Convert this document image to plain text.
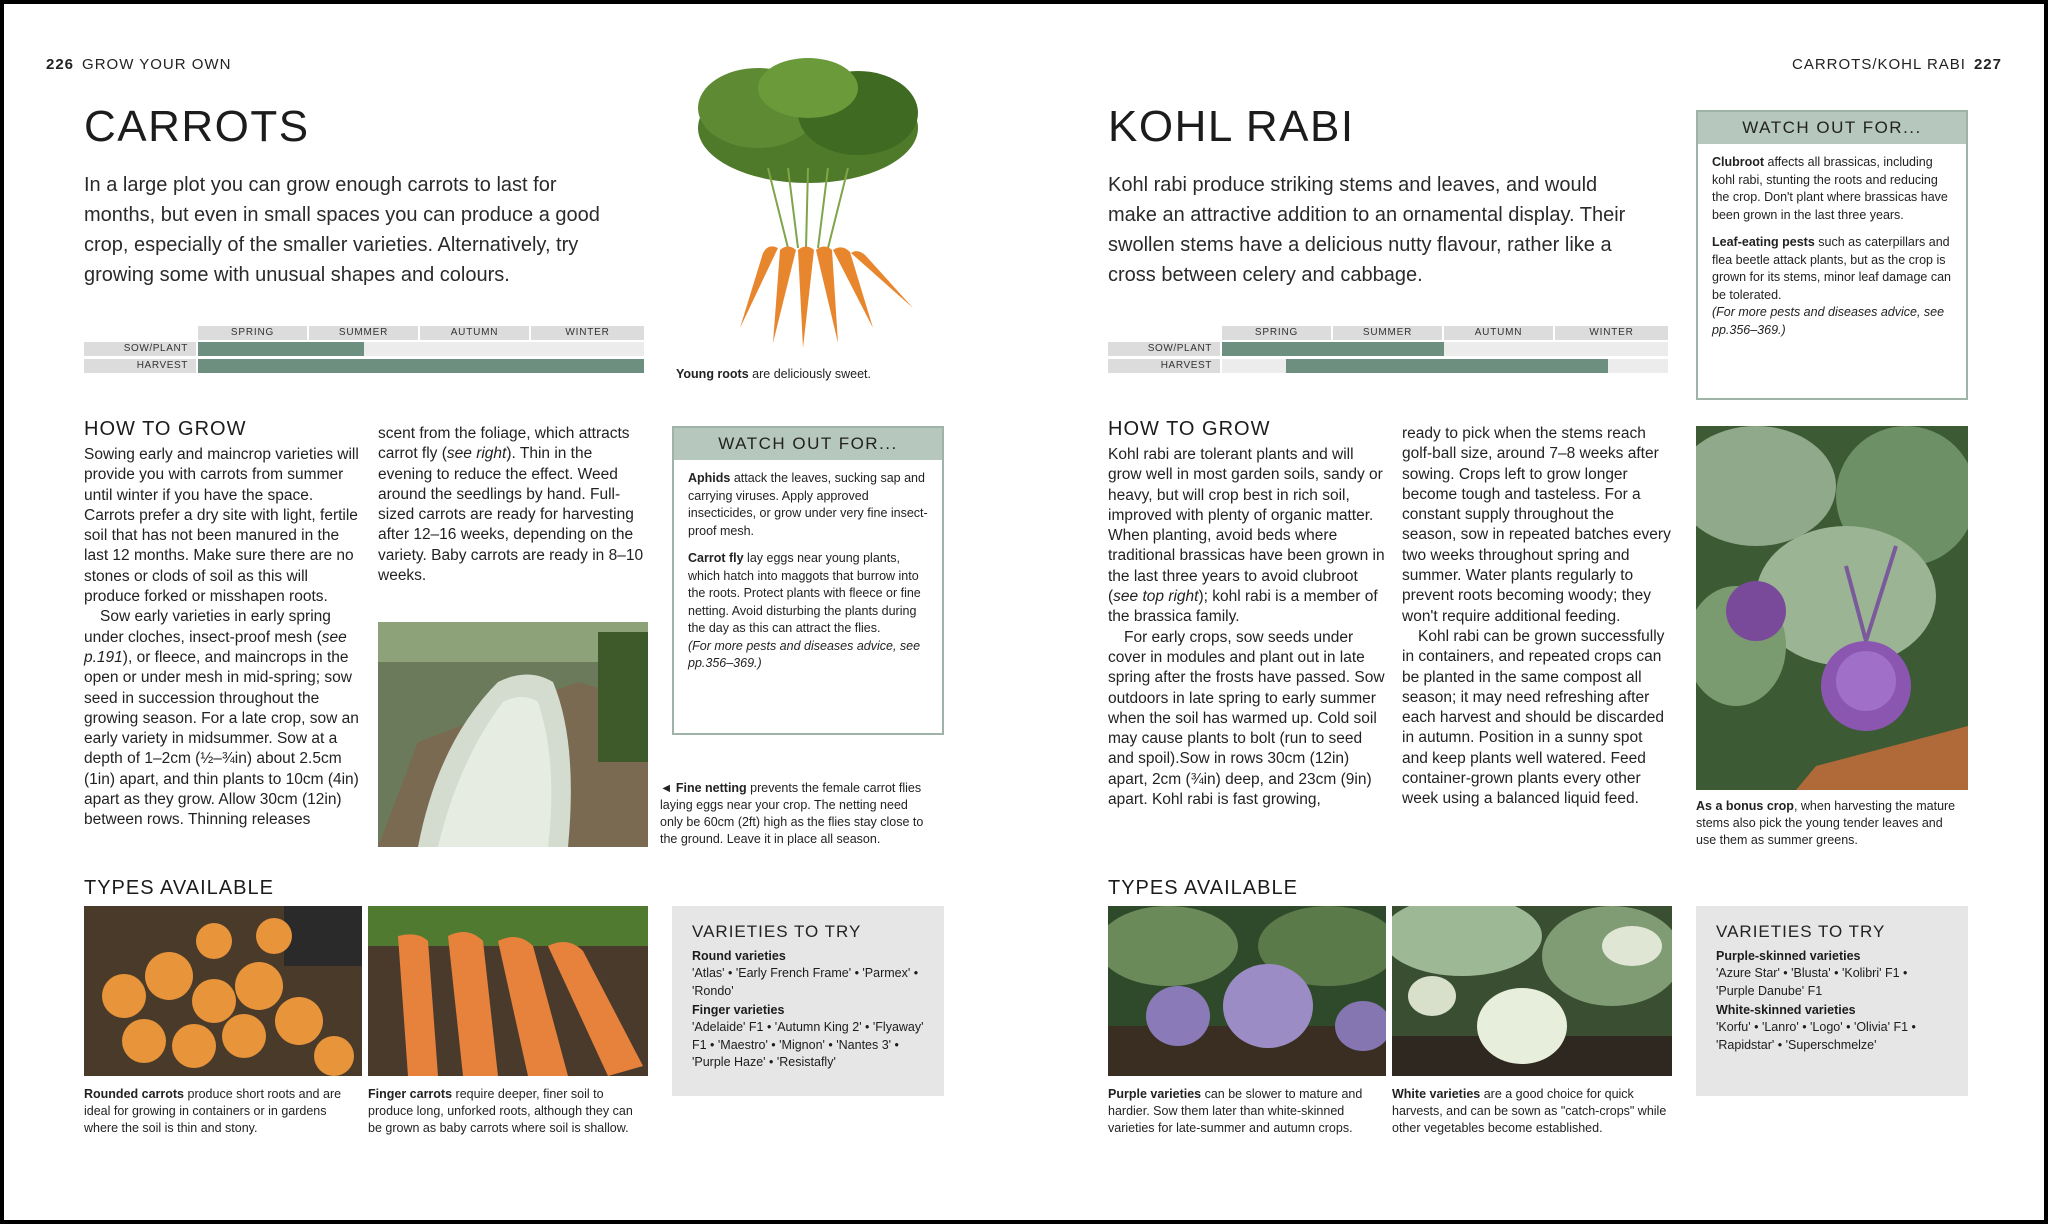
226 GROW YOUR OWN
CARROTS
In a large plot you can grow enough carrots to last for months, but even in small spaces you can produce a good crop, especially of the smaller varieties. Alternatively, try growing some with unusual shapes and colours.
SPRING	SUMMER	AUTUMN	WINTER
SOW/PLANT
HARVEST
Young roots are deliciously sweet.
HOW TO GROW

Sowing early and maincrop varieties will provide you with carrots from summer until winter if you have the space. Carrots prefer a dry site with light, fertile soil that has not been manured in the last 12 months. Make sure there are no stones or clods of soil as this will produce forked or misshapen roots.

Sow early varieties in early spring under cloches, insect-proof mesh (see p.191), or fleece, and maincrops in the open or under mesh in mid-spring; sow seed in succession throughout the growing season. For a late crop, sow an early variety in midsummer. Sow at a depth of 1–2cm (½–¾in) about 2.5cm (1in) apart, and thin plants to 10cm (4in) apart as they grow. Allow 30cm (12in) between rows. Thinning releases

scent from the foliage, which attracts carrot fly (see right). Thin in the evening to reduce the effect. Weed around the seedlings by hand. Full-sized carrots are ready for harvesting after 12–16 weeks, depending on the variety. Baby carrots are ready in 8–10 weeks.

◄ Fine netting prevents the female carrot flies laying eggs near your crop. The netting need only be 60cm (2ft) high as the flies stay close to the ground. Leave it in place all season.
WATCH OUT FOR...

Aphids attack the leaves, sucking sap and carrying viruses. Apply approved insecticides, or grow under very fine insect-proof mesh.

Carrot fly lay eggs near young plants, which hatch into maggots that burrow into the roots. Protect plants with fleece or fine netting. Avoid disturbing the plants during the day as this can attract the flies.

(For more pests and diseases advice, see pp.356–369.)

TYPES AVAILABLE
Rounded carrots produce short roots and are ideal for growing in containers or in gardens where the soil is thin and stony.
Finger carrots require deeper, finer soil to produce long, unforked roots, although they can be grown as baby carrots where soil is shallow.
VARIETIES TO TRY
Round varieties
'Atlas' • 'Early French Frame' • 'Parmex' • 'Rondo'
Finger varieties
'Adelaide' F1 • 'Autumn King 2' • 'Flyaway' F1 • 'Maestro' • 'Mignon' • 'Nantes 3' • 'Purple Haze' • 'Resistafly'
CARROTS/KOHL RABI 227
KOHL RABI
Kohl rabi produce striking stems and leaves, and would make an attractive addition to an ornamental display. Their swollen stems have a delicious nutty flavour, rather like a cross between celery and cabbage.
SPRING	SUMMER	AUTUMN	WINTER
SOW/PLANT
HARVEST
WATCH OUT FOR...

Clubroot affects all brassicas, including kohl rabi, stunting the roots and reducing the crop. Don't plant where brassicas have been grown in the last three years.

Leaf-eating pests such as caterpillars and flea beetle attack plants, but as the crop is grown for its stems, minor leaf damage can be tolerated.

(For more pests and diseases advice, see pp.356–369.)

HOW TO GROW

Kohl rabi are tolerant plants and will grow well in most garden soils, sandy or heavy, but will crop best in rich soil, improved with plenty of organic matter. When planting, avoid beds where traditional brassicas have been grown in the last three years to avoid clubroot (see top right); kohl rabi is a member of the brassica family.

For early crops, sow seeds under cover in modules and plant out in late spring after the frosts have passed. Sow outdoors in late spring to early summer when the soil has warmed up. Cold soil may cause plants to bolt (run to seed and spoil).Sow in rows 30cm (12in) apart, 2cm (¾in) deep, and 23cm (9in) apart. Kohl rabi is fast growing,

ready to pick when the stems reach golf-ball size, around 7–8 weeks after sowing. Crops left to grow longer become tough and tasteless. For a constant supply throughout the season, sow in repeated batches every two weeks throughout spring and summer. Water plants regularly to prevent roots becoming woody; they won't require additional feeding.

Kohl rabi can be grown successfully in containers, and repeated crops can be planted in the same compost all season; it may need refreshing after each harvest and should be discarded in autumn. Position in a sunny spot and keep plants well watered. Feed container-grown plants every other week using a balanced liquid feed.	As a bonus crop, when harvesting the mature stems also pick the young tender leaves and use them as summer greens.
TYPES AVAILABLE
Purple varieties can be slower to mature and hardier. Sow them later than white-skinned varieties for late-summer and autumn crops.
White varieties are a good choice for quick harvests, and can be sown as "catch-crops" while other vegetables become established.
VARIETIES TO TRY
Purple-skinned varieties
'Azure Star' • 'Blusta' • 'Kolibri' F1 • 'Purple Danube' F1
White-skinned varieties
'Korfu' • 'Lanro' • 'Logo' • 'Olivia' F1 • 'Rapidstar' • 'Superschmelze'
